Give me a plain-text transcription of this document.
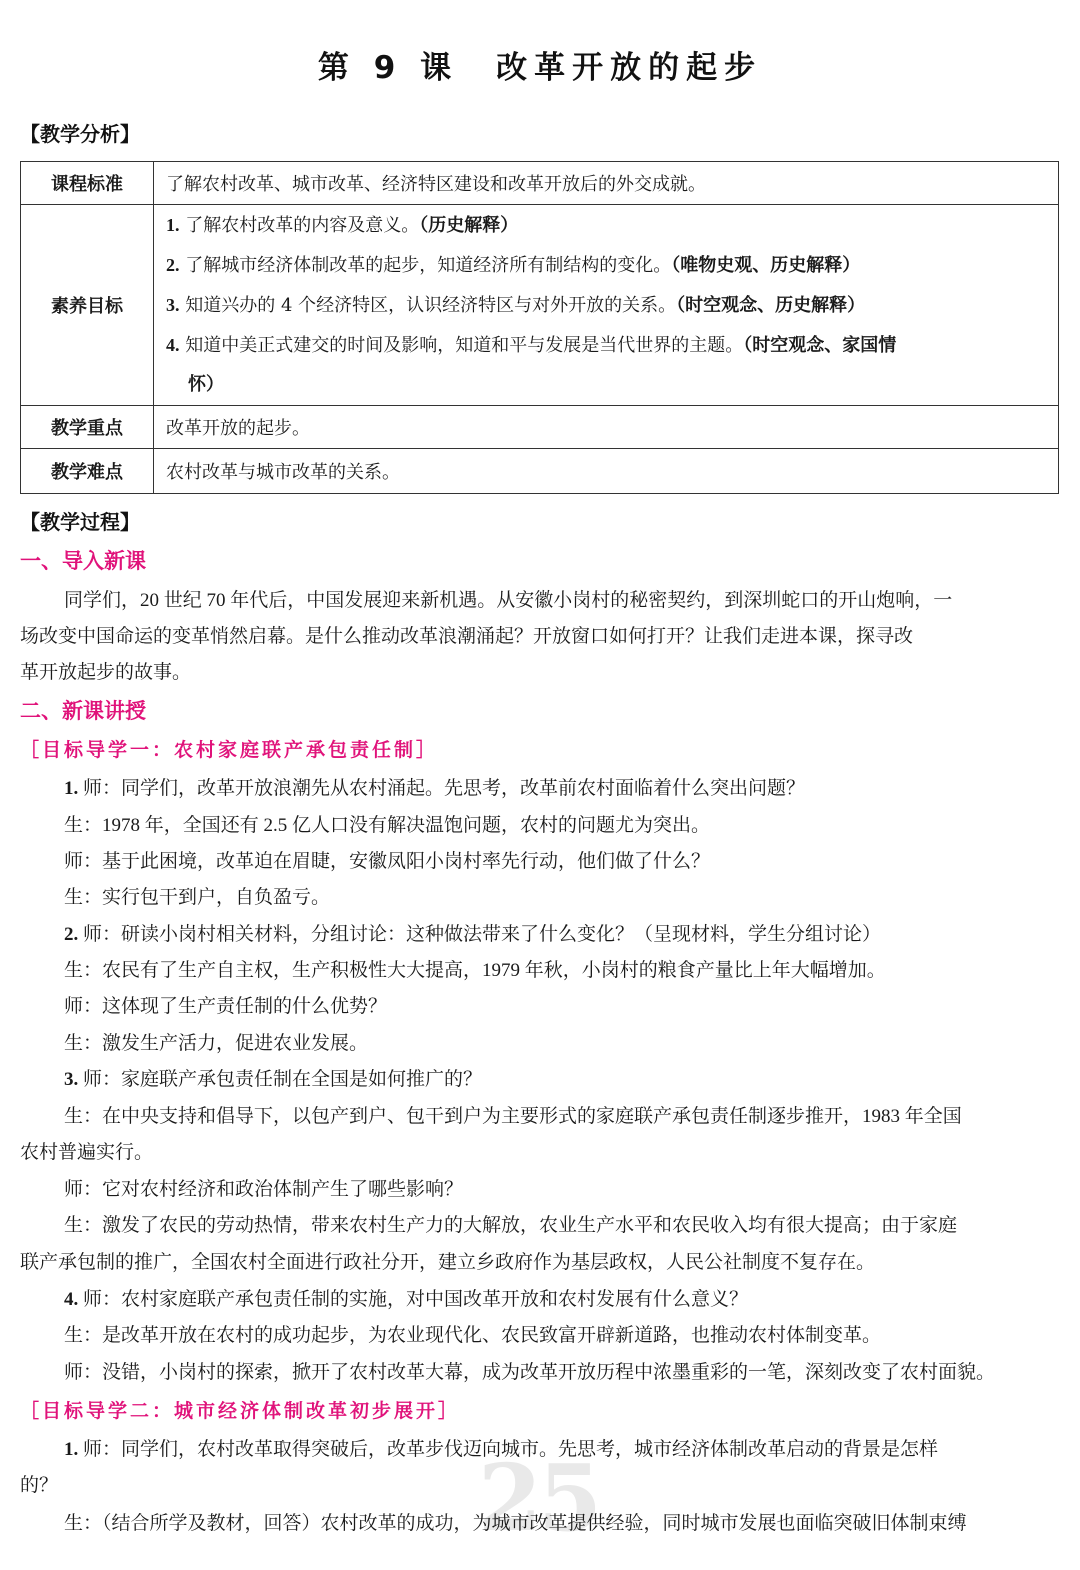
第 9 课 改革开放的起步
【教学分析】
课程标准	了解农村改革、城市改革、经济特区建设和改革开放后的外交成就。
素养目标	1. 了解农村改革的内容及意义。（历史解释）
2. 了解城市经济体制改革的起步，知道经济所有制结构的变化。（唯物史观、历史解释）
3. 知道兴办的 4 个经济特区，认识经济特区与对外开放的关系。（时空观念、历史解释）
4. 知道中美正式建交的时间及影响，知道和平与发展是当代世界的主题。（时空观念、家国情
怀）

教学重点	改革开放的起步。
教学难点	农村改革与城市改革的关系。
【教学过程】
一、导入新课
同学们，20 世纪 70 年代后，中国发展迎来新机遇。从安徽小岗村的秘密契约，到深圳蛇口的开山炮响，一
场改变中国命运的变革悄然启幕。是什么推动改革浪潮涌起？开放窗口如何打开？让我们走进本课，探寻改
革开放起步的故事。
二、新课讲授
［目标导学一：农村家庭联产承包责任制］
1. 师：同学们，改革开放浪潮先从农村涌起。先思考，改革前农村面临着什么突出问题？
生：1978 年，全国还有 2.5 亿人口没有解决温饱问题，农村的问题尤为突出。
师：基于此困境，改革迫在眉睫，安徽凤阳小岗村率先行动，他们做了什么？
生：实行包干到户，自负盈亏。
2. 师：研读小岗村相关材料，分组讨论：这种做法带来了什么变化？（呈现材料，学生分组讨论）
生：农民有了生产自主权，生产积极性大大提高，1979 年秋，小岗村的粮食产量比上年大幅增加。
师：这体现了生产责任制的什么优势？
生：激发生产活力，促进农业发展。
3. 师：家庭联产承包责任制在全国是如何推广的？
生：在中央支持和倡导下，以包产到户、包干到户为主要形式的家庭联产承包责任制逐步推开，1983 年全国
农村普遍实行。
师：它对农村经济和政治体制产生了哪些影响？
生：激发了农民的劳动热情，带来农村生产力的大解放，农业生产水平和农民收入均有很大提高；由于家庭
联产承包制的推广，全国农村全面进行政社分开，建立乡政府作为基层政权，人民公社制度不复存在。
4. 师：农村家庭联产承包责任制的实施，对中国改革开放和农村发展有什么意义？
生：是改革开放在农村的成功起步，为农业现代化、农民致富开辟新道路，也推动农村体制变革。
师：没错，小岗村的探索，掀开了农村改革大幕，成为改革开放历程中浓墨重彩的一笔，深刻改变了农村面貌。
［目标导学二：城市经济体制改革初步展开］
25
1. 师：同学们，农村改革取得突破后，改革步伐迈向城市。先思考，城市经济体制改革启动的背景是怎样
的？
生：（结合所学及教材，回答）农村改革的成功，为城市改革提供经验，同时城市发展也面临突破旧体制束缚
